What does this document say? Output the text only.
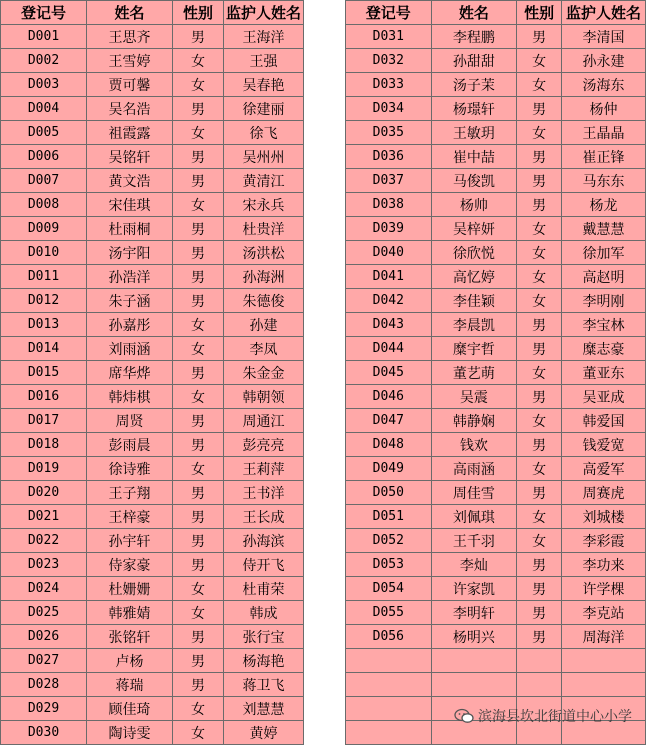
登记号	姓名	性别	监护人姓名
D001	王思齐	男	王海洋
D002	王雪婷	女	王强
D003	贾可馨	女	吴春艳
D004	吴名浩	男	徐建丽
D005	祖霞露	女	徐飞
D006	吴铭轩	男	吴州州
D007	黄文浩	男	黄清江
D008	宋佳琪	女	宋永兵
D009	杜雨桐	男	杜贵洋
D010	汤宇阳	男	汤洪松
D011	孙浩洋	男	孙海洲
D012	朱子涵	男	朱德俊
D013	孙嘉彤	女	孙建
D014	刘雨涵	女	李凤
D015	席华烨	男	朱金金
D016	韩炜棋	女	韩朝领
D017	周贤	男	周通江
D018	彭雨晨	男	彭亮亮
D019	徐诗雅	女	王莉萍
D020	王子翔	男	王书洋
D021	王梓豪	男	王长成
D022	孙宇轩	男	孙海滨
D023	侍家豪	男	侍开飞
D024	杜姗姗	女	杜甫荣
D025	韩雅婧	女	韩成
D026	张铭轩	男	张行宝
D027	卢杨	男	杨海艳
D028	蒋瑞	男	蒋卫飞
D029	顾佳琦	女	刘慧慧
D030	陶诗雯	女	黄婷
登记号	姓名	性别	监护人姓名
D031	李程鹏	男	李清国
D032	孙甜甜	女	孙永建
D033	汤子茉	女	汤海东
D034	杨璟轩	男	杨仲
D035	王敏玥	女	王晶晶
D036	崔中喆	男	崔正锋
D037	马俊凯	男	马东东
D038	杨帅	男	杨龙
D039	吴梓妍	女	戴慧慧
D040	徐欣悦	女	徐加军
D041	高忆婷	女	高赵明
D042	李佳颖	女	李明刚
D043	李晨凯	男	李宝林
D044	糜宇哲	男	糜志豪
D045	董艺萌	女	董亚东
D046	吴震	男	吴亚成
D047	韩静娴	女	韩爱国
D048	钱欢	男	钱爱宽
D049	高雨涵	女	高爱军
D050	周佳雪	男	周赛虎
D051	刘佩琪	女	刘城楼
D052	王千羽	女	李彩霞
D053	李灿	男	李功来
D054	许家凯	男	许学棵
D055	李明轩	男	李克站
D056	杨明兴	男	周海洋

滨海县坎北街道中心小学
